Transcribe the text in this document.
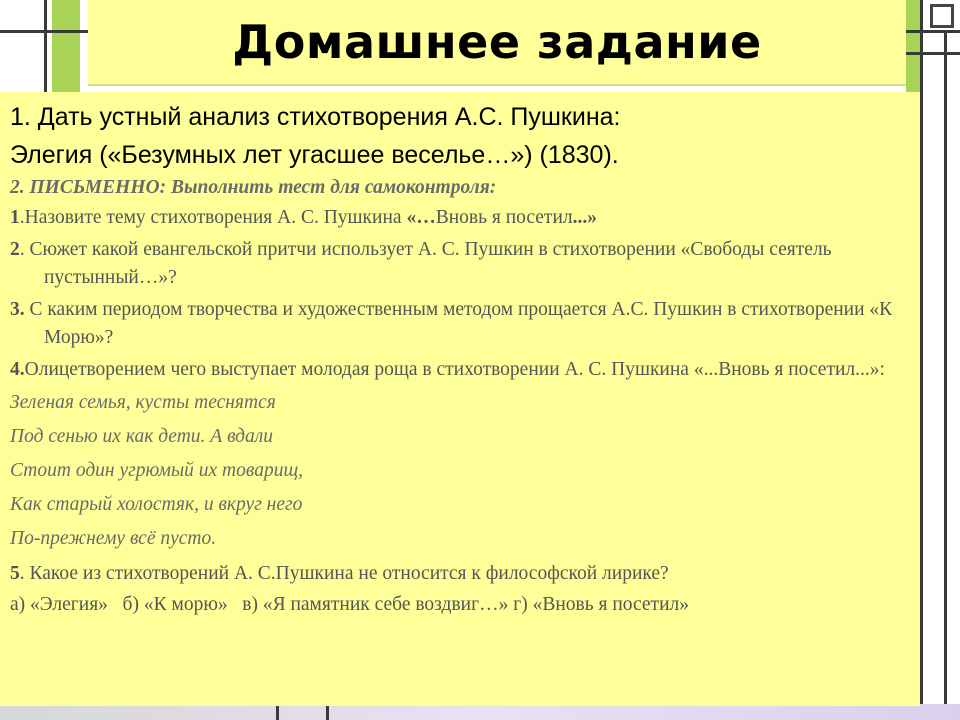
Домашнее задание

1. Дать устный анализ стихотворения А.С. Пушкина:

Элегия («Безумных лет угасшее веселье…») (1830).

2. ПИСЬМЕННО: Выполнить тест для самоконтроля:

1.Назовите тему стихотворения А. С. Пушкина «…Вновь я посетил...»

2. Сюжет какой евангельской притчи использует А. С. Пушкин в стихотворении «Свободы сеятель пустынный…»?

3. С каким периодом творчества и художественным методом прощается А.С. Пушкин в стихотворении «К Морю»?

4.Олицетворением чего выступает молодая роща в стихотворении А. С. Пушкина «...Вновь я посетил...»:

Зеленая семья, кусты теснятся

Под сенью их как дети. А вдали

Стоит один угрюмый их товарищ,

Как старый холостяк, и вкруг него

По-прежнему всё пусто.

5. Какое из стихотворений А. С.Пушкина не относится к философской лирике?

а) «Элегия»   б) «К морю»   в) «Я памятник себе воздвиг…» г) «Вновь я посетил»
